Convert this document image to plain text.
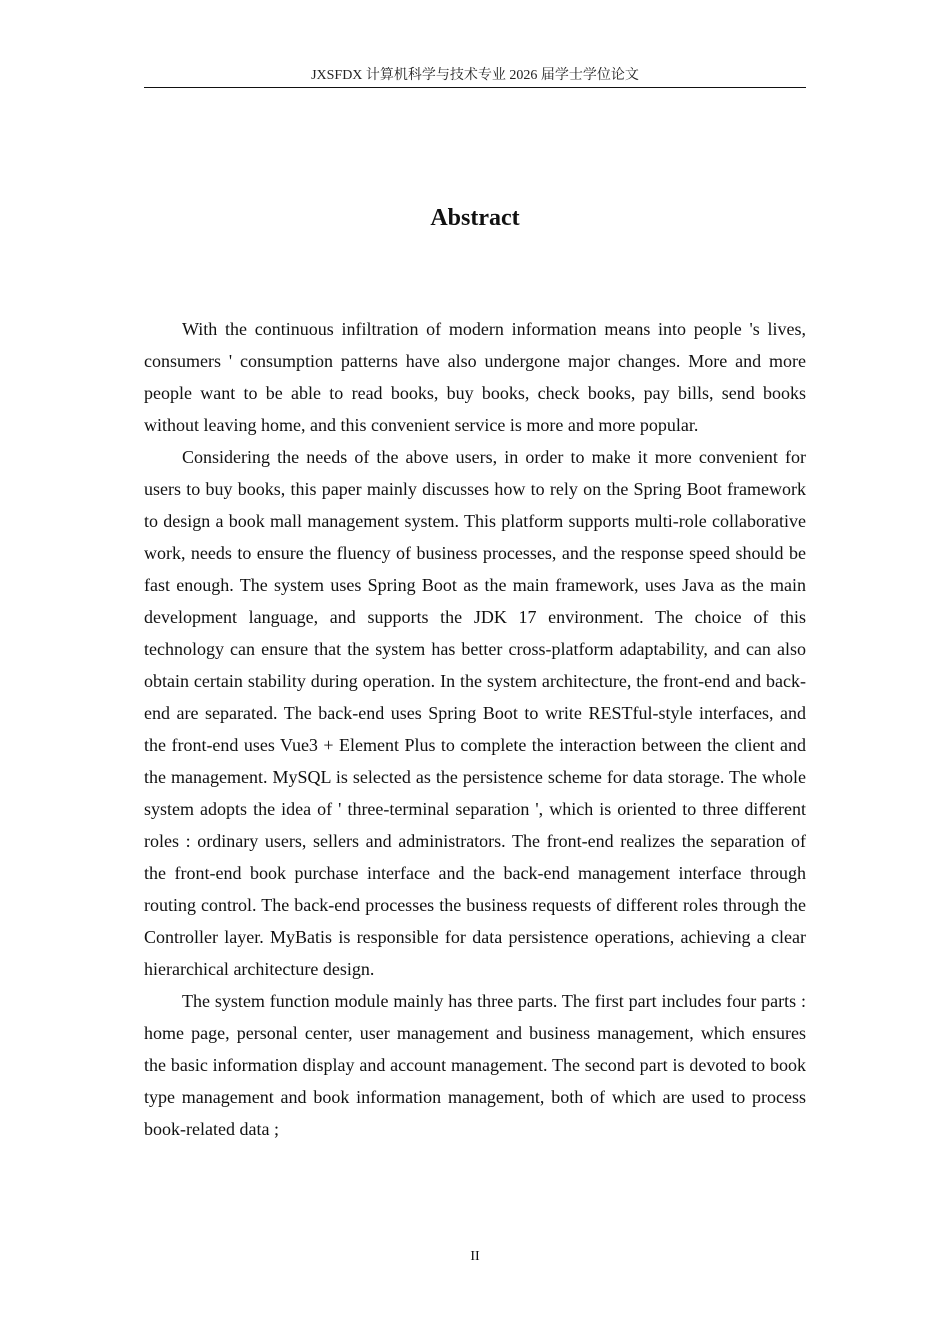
JXSFDX 计算机科学与技术专业 2026 届学士学位论文
Abstract

With the continuous infiltration of modern information means into people 's lives, consumers ' consumption patterns have also undergone major changes. More and more people want to be able to read books, buy books, check books, pay bills, send books without leaving home, and this convenient service is more and more popular.

Considering the needs of the above users, in order to make it more convenient for users to buy books, this paper mainly discusses how to rely on the Spring Boot framework to design a book mall management system. This platform supports multi-role collaborative work, needs to ensure the fluency of business processes, and the response speed should be fast enough. The system uses Spring Boot as the main framework, uses Java as the main development language, and supports the JDK 17 environment. The choice of this technology can ensure that the system has better cross-platform adaptability, and can also obtain certain stability during operation. In the system architecture, the front-end and back-end are separated. The back-end uses Spring Boot to write RESTful-style interfaces, and the front-end uses Vue3 + Element Plus to complete the interaction between the client and the management. MySQL is selected as the persistence scheme for data storage. The whole system adopts the idea of ' three-terminal separation ', which is oriented to three different roles : ordinary users, sellers and administrators. The front-end realizes the separation of the front-end book purchase interface and the back-end management interface through routing control. The back-end processes the business requests of different roles through the Controller layer. MyBatis is responsible for data persistence operations, achieving a clear hierarchical architecture design.

The system function module mainly has three parts. The first part includes four parts : home page, personal center, user management and business management, which ensures the basic information display and account management. The second part is devoted to book type management and book information management, both of which are used to process book-related data ;

II
